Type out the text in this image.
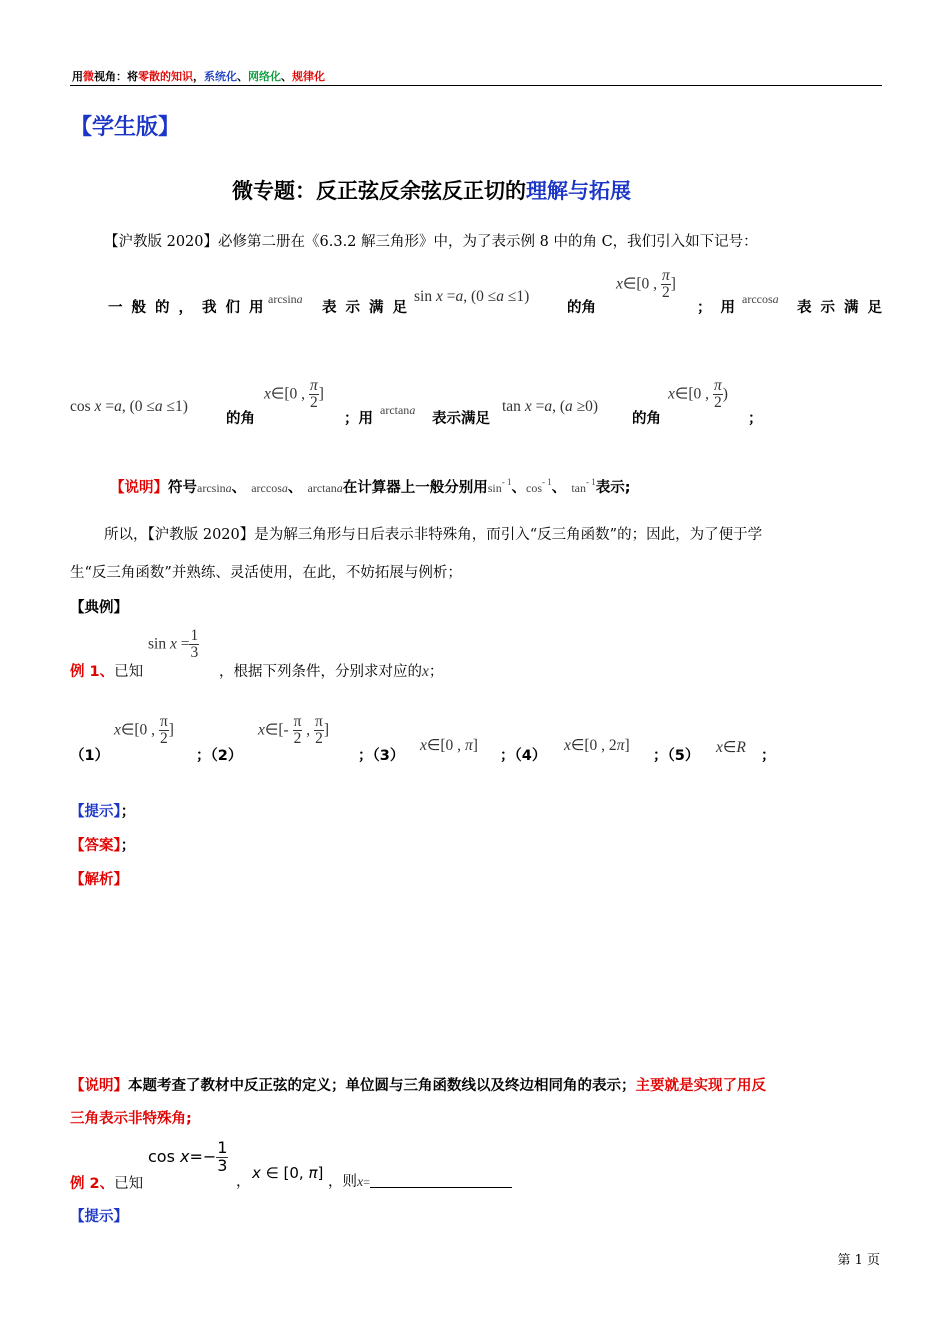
用微视角：将零散的知识，系统化、网络化、规律化
【学生版】
微专题：反正弦反余弦反正切的理解与拓展
【沪教版 2020】必修第二册在《6.3.2 解三角形》中，为了表示例 8 中的角 C，我们引入如下记号：
一般的，我们用
arcsina
表示满足
sin x =a, (0 ≤a ≤1)
的角
x∈[0 , $\frac{\pi}{2}$ ]
；用
arccosa
表示满足
cos x =a, (0 ≤a ≤1)
的角
x∈[0 , $\frac{\pi}{2}$ ]
；用
arctana
表示满足
tan x =a, (a ≥0)
的角
x∈[0 , $\frac{\pi}{2}$ )
；
【说明】符号arcsina、 arccosa、 arctana在计算器上一般分别用$\sin^{- 1}$、$\cos^{- 1}$、 $\tan^{- 1}$表示;
所以，【沪教版 2020】是为解三角形与日后表示非特殊角，而引入“反三角函数”的；因此，为了便于学
生“反三角函数”并熟练、灵活使用，在此，不妨拓展与例析；
【典例】
例 1、已知
$\sin x = \frac{1}{3}$
，根据下列条件，分别求对应的x；
（1）
x∈[0 , $\frac{\pi}{2}$ ]
；（2）
x∈[- $\frac{\pi}{2}$ , $\frac{\pi}{2}$ ]
；（3）
x∈[0 , π]
；（4）
x∈[0 , 2π]
；（5） x∈R ；
【提示】；
【答案】；
【解析】
【说明】本题考查了教材中反正弦的定义；单位圆与三角函数线以及终边相同角的表示；主要就是实现了用反
三角表示非特殊角;
例 2、已知
$\cos x=- \frac{1}{3}$
， x ∈ [0, π] ，则x=
【提示】
第 1 页
